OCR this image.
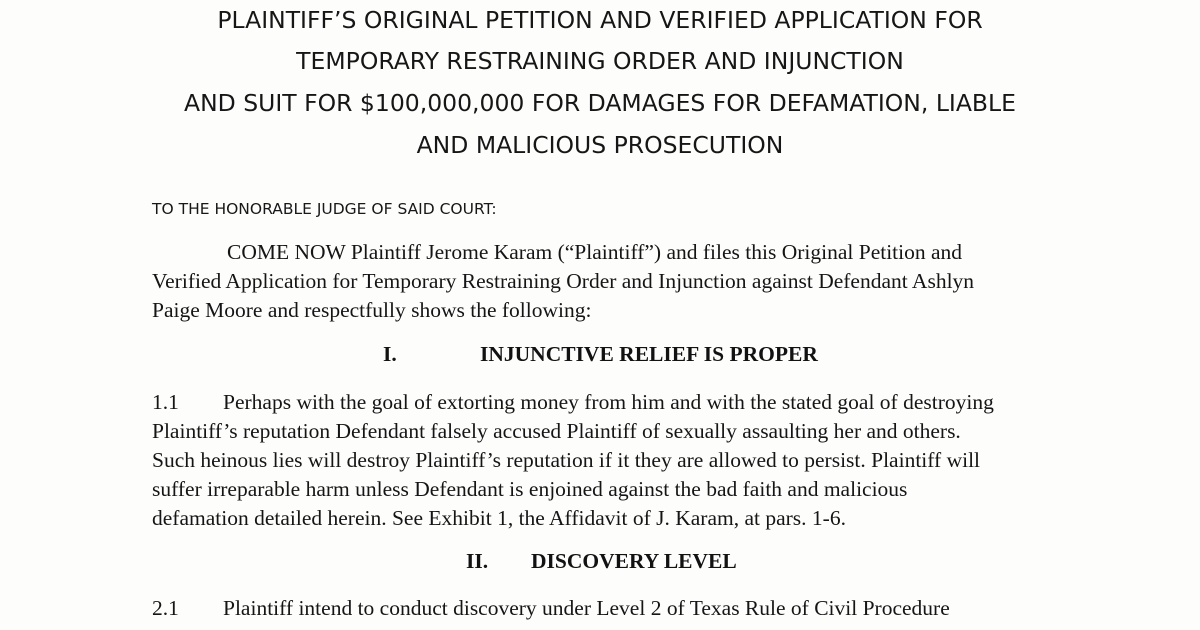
PLAINTIFF’S ORIGINAL PETITION AND VERIFIED APPLICATION FOR
TEMPORARY RESTRAINING ORDER AND INJUNCTION
AND SUIT FOR $100,000,000 FOR DAMAGES FOR DEFAMATION, LIABLE
AND MALICIOUS PROSECUTION
TO THE HONORABLE JUDGE OF SAID COURT:
COME NOW Plaintiff Jerome Karam (“Plaintiff”) and files this Original Petition and
Verified Application for Temporary Restraining Order and Injunction against Defendant Ashlyn
Paige Moore and respectfully shows the following:
I.	INJUNCTIVE RELIEF IS PROPER
1.1 Perhaps with the goal of extorting money from him and with the stated goal of destroying
Plaintiff’s reputation Defendant falsely accused Plaintiff of sexually assaulting her and others.
Such heinous lies will destroy Plaintiff’s reputation if it they are allowed to persist. Plaintiff will
suffer irreparable harm unless Defendant is enjoined against the bad faith and malicious
defamation detailed herein. See Exhibit 1, the Affidavit of J. Karam, at pars. 1-6.
II. DISCOVERY LEVEL
2.1 Plaintiff intend to conduct discovery under Level 2 of Texas Rule of Civil Procedure
